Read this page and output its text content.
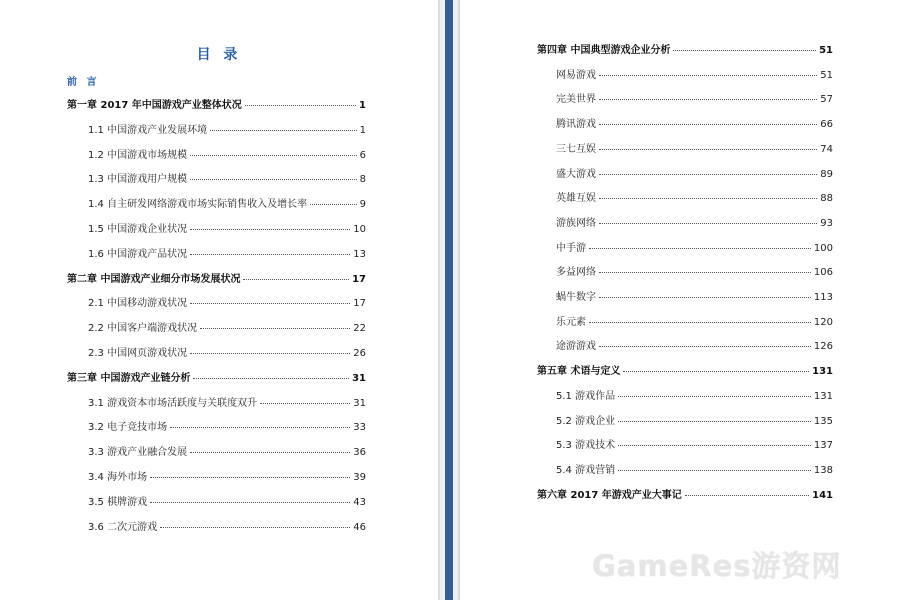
目 录
前 言
第一章 2017 年中国游戏产业整体状况	1
1.1 中国游戏产业发展环境	1
1.2 中国游戏市场规模	6
1.3 中国游戏用户规模	8
1.4 自主研发网络游戏市场实际销售收入及增长率	9
1.5 中国游戏企业状况	10
1.6 中国游戏产品状况	13
第二章 中国游戏产业细分市场发展状况	17
2.1 中国移动游戏状况	17
2.2 中国客户端游戏状况	22
2.3 中国网页游戏状况	26
第三章 中国游戏产业链分析	31
3.1 游戏资本市场活跃度与关联度双升	31
3.2 电子竞技市场	33
3.3 游戏产业融合发展	36
3.4 海外市场	39
3.5 棋牌游戏	43
3.6 二次元游戏	46
第四章 中国典型游戏企业分析	51
网易游戏	51
完美世界	57
腾讯游戏	66
三七互娱	74
盛大游戏	89
英雄互娱	88
游族网络	93
中手游	100
多益网络	106
蜗牛数字	113
乐元素	120
途游游戏	126
第五章 术语与定义	131
5.1 游戏作品	131
5.2 游戏企业	135
5.3 游戏技术	137
5.4 游戏营销	138
第六章 2017 年游戏产业大事记	141
GameRes游资网
